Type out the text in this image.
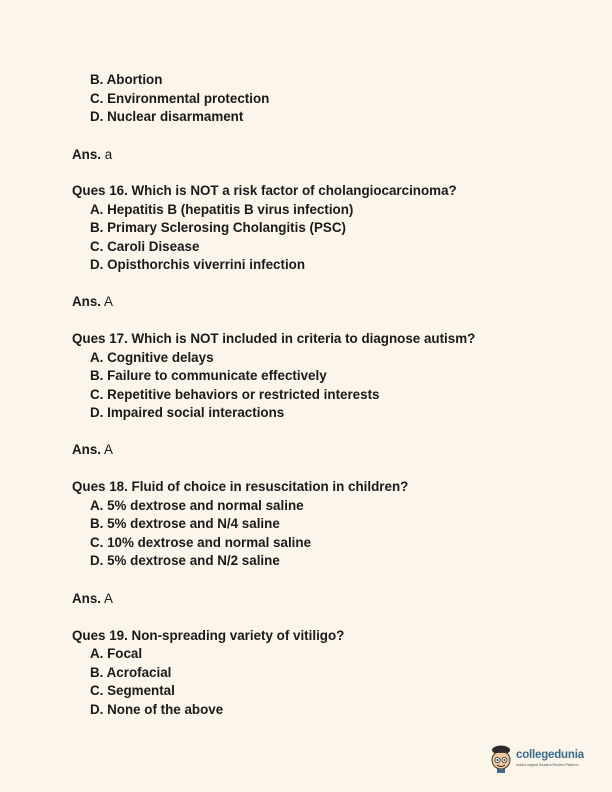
B. Abortion
C. Environmental protection
D. Nuclear disarmament
Ans. a
Ques 16. Which is NOT a risk factor of cholangiocarcinoma?
A. Hepatitis B (hepatitis B virus infection)
B. Primary Sclerosing Cholangitis (PSC)
C. Caroli Disease
D. Opisthorchis viverrini infection
Ans. A
Ques 17. Which is NOT included in criteria to diagnose autism?
A. Cognitive delays
B. Failure to communicate effectively
C. Repetitive behaviors or restricted interests
D. Impaired social interactions
Ans. A
Ques 18. Fluid of choice in resuscitation in children?
A. 5% dextrose and normal saline
B. 5% dextrose and N/4 saline
C. 10% dextrose and normal saline
D. 5% dextrose and N/2 saline
Ans. A
Ques 19. Non-spreading variety of vitiligo?
A. Focal
B. Acrofacial
C. Segmental
D. None of the above
collegedunia
India's largest Student Review Platform
